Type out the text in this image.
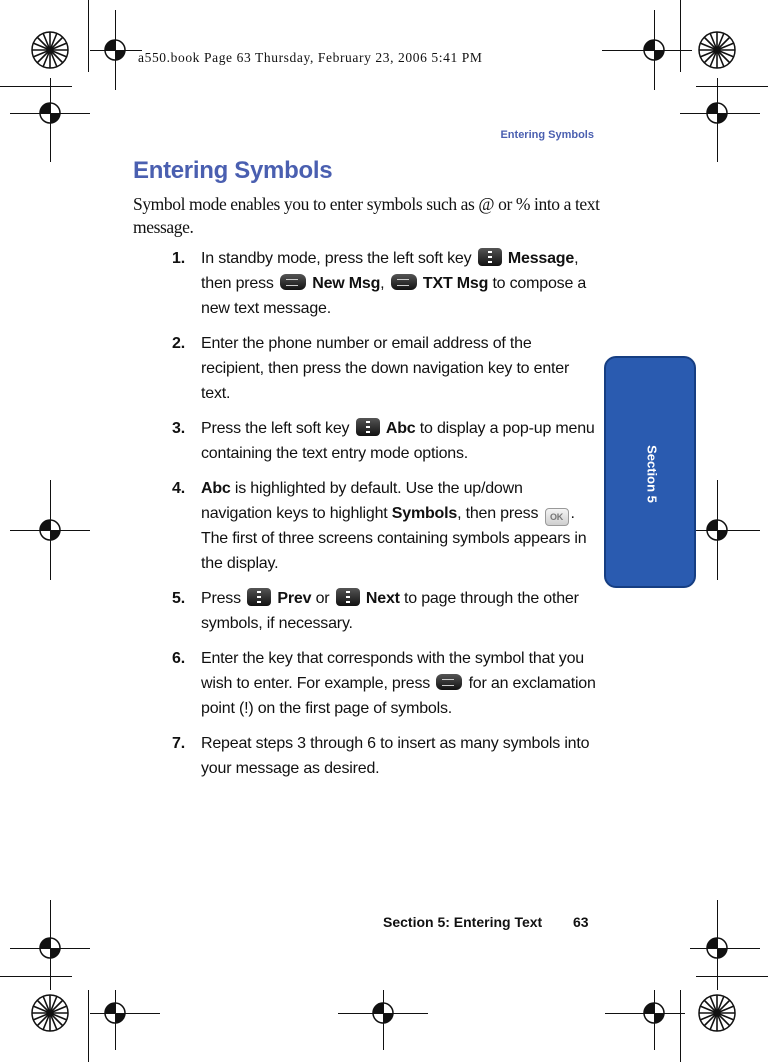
a550.book Page 63 Thursday, February 23, 2006 5:41 PM
Entering Symbols
Entering Symbols

Symbol mode enables you to enter symbols such as @ or % into a text message.

1. In standby mode, press the left soft key Message, then press New Msg, TXT Msg to compose a new text message.
2. Enter the phone number or email address of the recipient, then press the down navigation key to enter text.
3. Press the left soft key Abc to display a pop-up menu containing the text entry mode options.
4. Abc is highlighted by default. Use the up/down navigation keys to highlight Symbols, then press OK . The first of three screens containing symbols appears in the display.
5. Press Prev or Next to page through the other symbols, if necessary.
6. Enter the key that corresponds with the symbol that you wish to enter. For example, press for an exclamation point (!) on the first page of symbols.
7. Repeat steps 3 through 6 to insert as many symbols into your message as desired.
Section 5
Section 5: Entering Text 63
